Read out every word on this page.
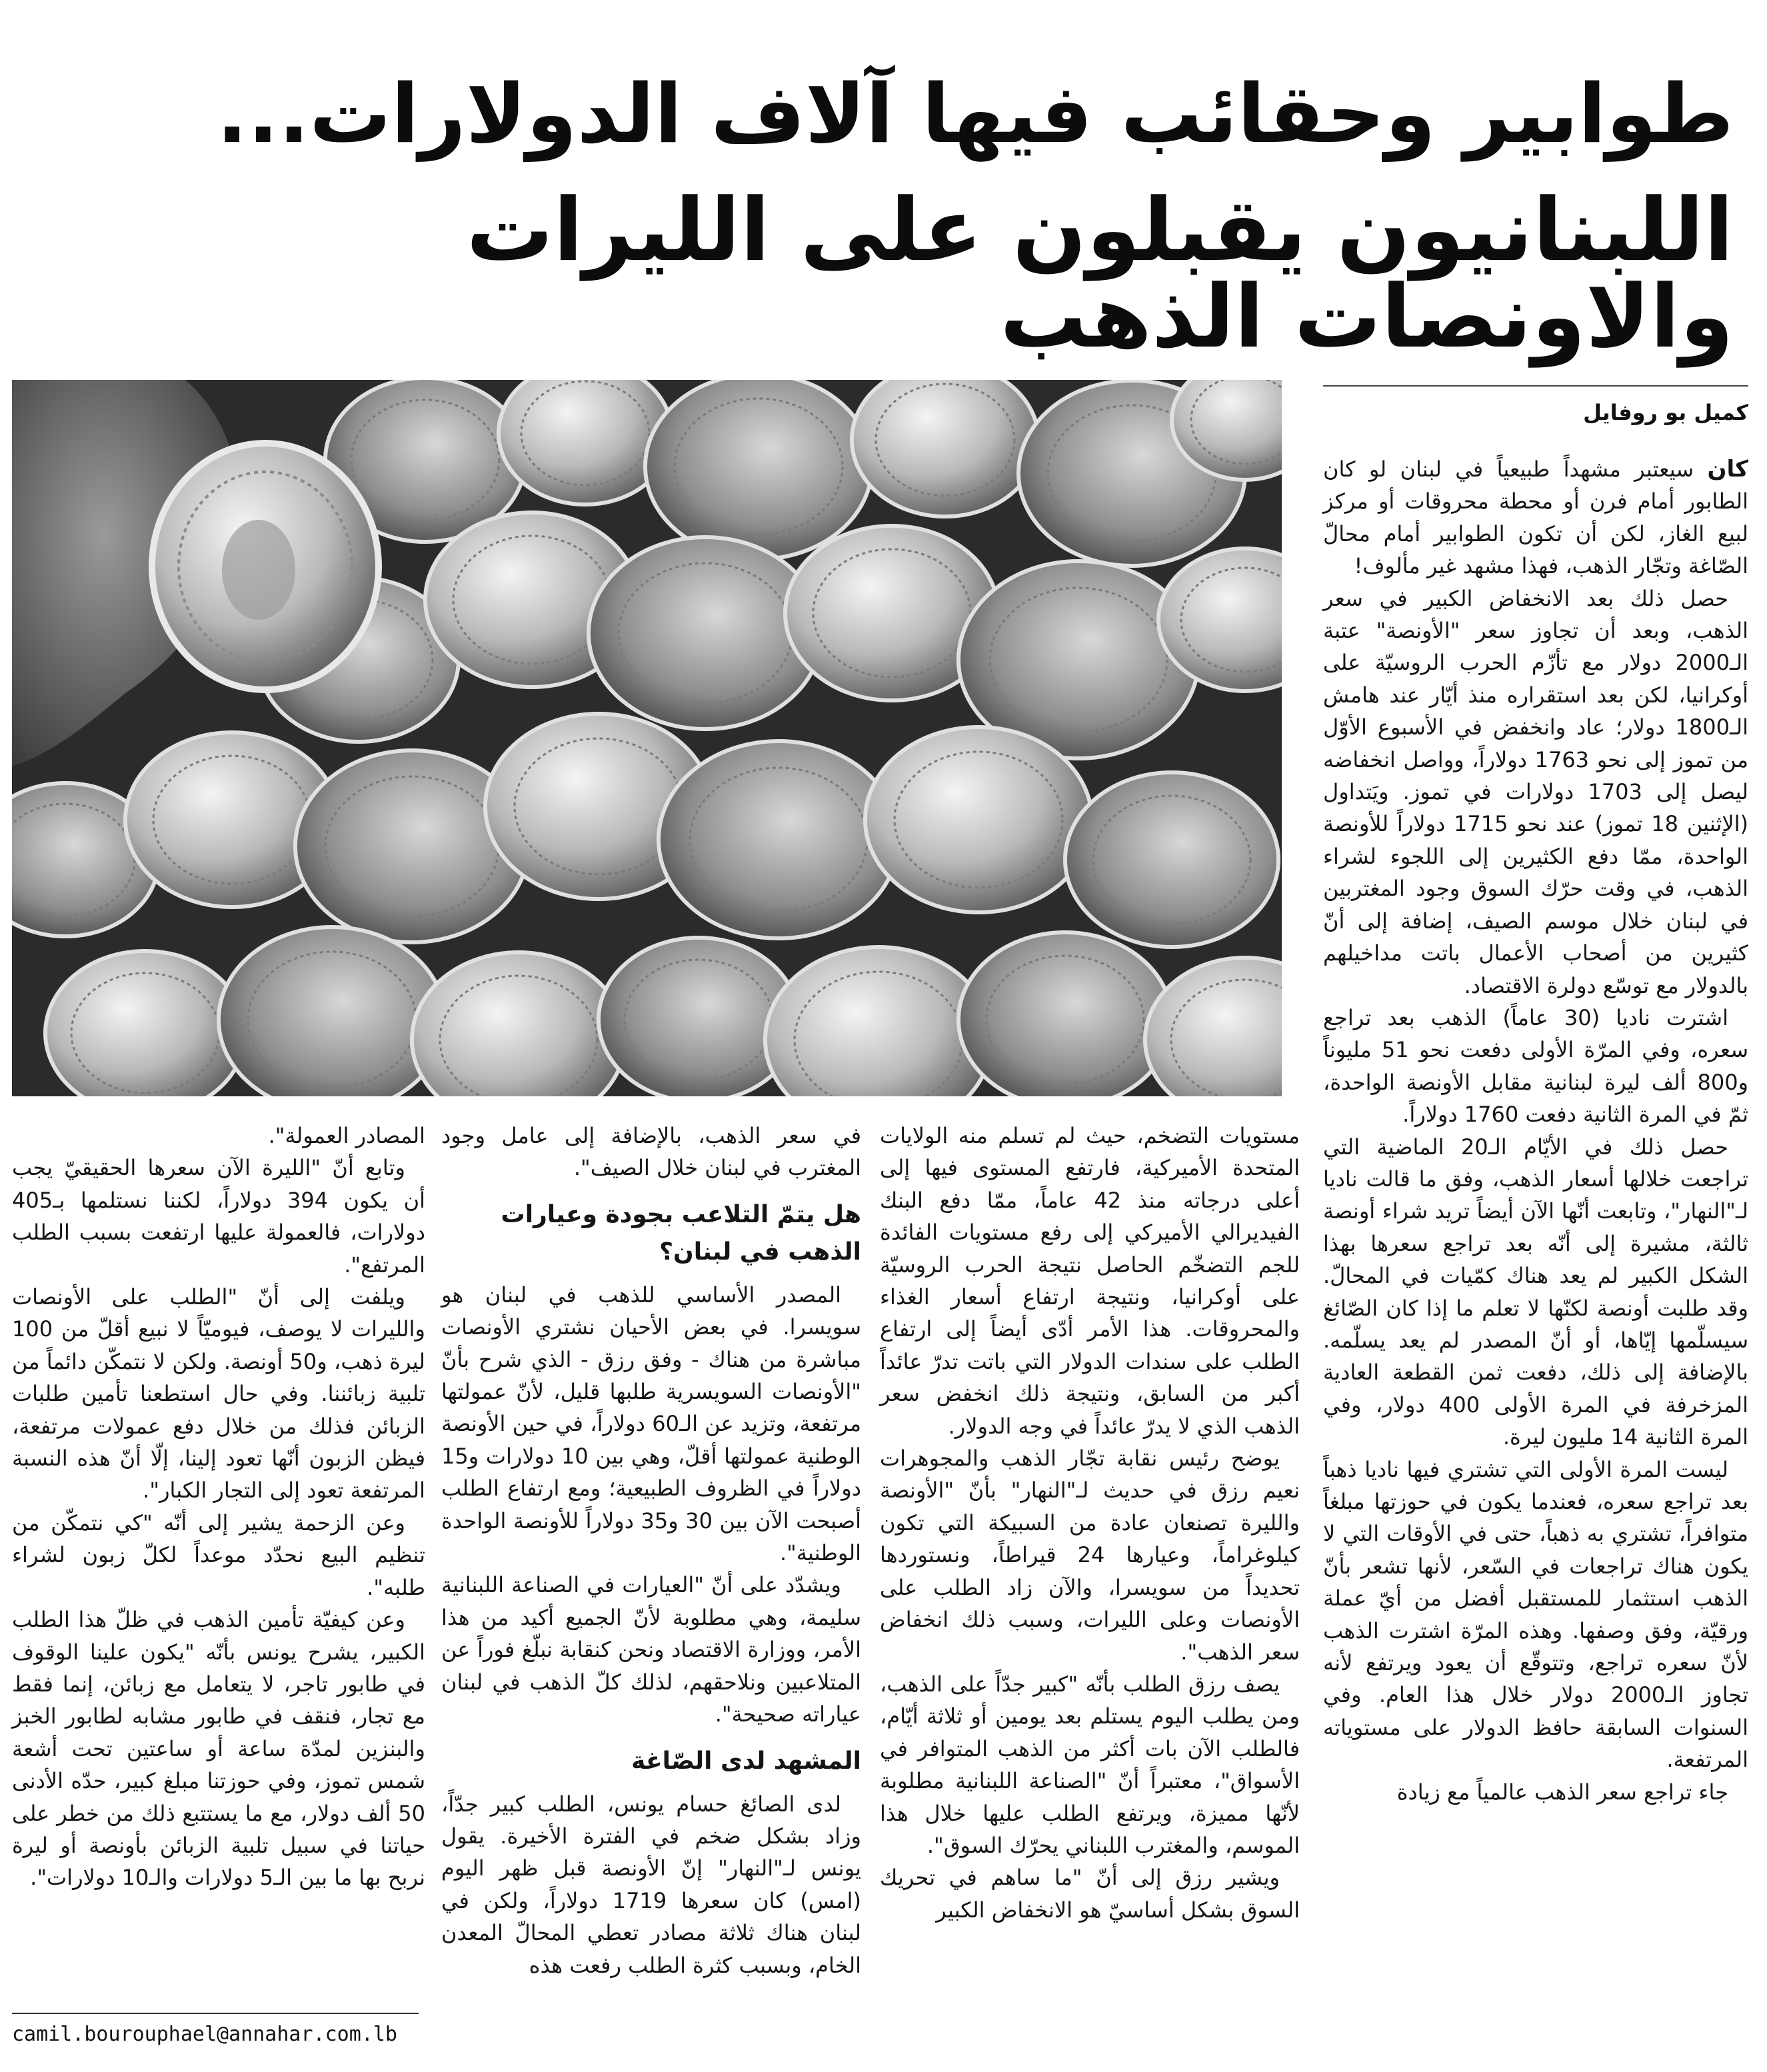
طوابير وحقائب فيها آلاف الدولارات...
اللبنانيون يقبلون على الليرات والاونصات الذهب
كميل بو روفايل

كان سيعتبر مشهداً طبيعياً في لبنان لو كان الطابور أمام فرن أو محطة محروقات أو مركز لبيع الغاز، لكن أن تكون الطوابير أمام محالّ الصّاغة وتجّار الذهب، فهذا مشهد غير مألوف!

حصل ذلك بعد الانخفاض الكبير في سعر الذهب، وبعد أن تجاوز سعر "الأونصة" عتبة الـ2000 دولار مع تأزّم الحرب الروسيّة على أوكرانيا، لكن بعد استقراره منذ أيّار عند هامش الـ1800 دولار؛ عاد وانخفض في الأسبوع الأوّل من تموز إلى نحو 1763 دولاراً، وواصل انخفاضه ليصل إلى 1703 دولارات في تموز. ويَتداول (الإثنين 18 تموز) عند نحو 1715 دولاراً للأونصة الواحدة، ممّا دفع الكثيرين إلى اللجوء لشراء الذهب، في وقت حرّك السوق وجود المغتربين في لبنان خلال موسم الصيف، إضافة إلى أنّ كثيرين من أصحاب الأعمال باتت مداخيلهم بالدولار مع توسّع دولرة الاقتصاد.

اشترت ناديا (30 عاماً) الذهب بعد تراجع سعره، وفي المرّة الأولى دفعت نحو 51 مليوناً و800 ألف ليرة لبنانية مقابل الأونصة الواحدة، ثمّ في المرة الثانية دفعت 1760 دولاراً.

حصل ذلك في الأيّام الـ20 الماضية التي تراجعت خلالها أسعار الذهب، وفق ما قالت ناديا لـ"النهار"، وتابعت أنّها الآن أيضاً تريد شراء أونصة ثالثة، مشيرة إلى أنّه بعد تراجع سعرها بهذا الشكل الكبير لم يعد هناك كمّيات في المحالّ. وقد طلبت أونصة لكنّها لا تعلم ما إذا كان الصّائغ سيسلّمها إيّاها، أو أنّ المصدر لم يعد يسلّمه. بالإضافة إلى ذلك، دفعت ثمن القطعة العادية المزخرفة في المرة الأولى 400 دولار، وفي المرة الثانية 14 مليون ليرة.

ليست المرة الأولى التي تشتري فيها ناديا ذهباً بعد تراجع سعره، فعندما يكون في حوزتها مبلغاً متوافراً، تشتري به ذهباً، حتى في الأوقات التي لا يكون هناك تراجعات في السّعر، لأنها تشعر بأنّ الذهب استثمار للمستقبل أفضل من أيّ عملة ورقيّة، وفق وصفها. وهذه المرّة اشترت الذهب لأنّ سعره تراجع، وتتوقّع أن يعود ويرتفع لأنه تجاوز الـ2000 دولار خلال هذا العام. وفي السنوات السابقة حافظ الدولار على مستوياته المرتفعة.

جاء تراجع سعر الذهب عالمياً مع زيادة

مستويات التضخم، حيث لم تسلم منه الولايات المتحدة الأميركية، فارتفع المستوى فيها إلى أعلى درجاته منذ 42 عاماً، ممّا دفع البنك الفيديرالي الأميركي إلى رفع مستويات الفائدة للجم التضخّم الحاصل نتيجة الحرب الروسيّة على أوكرانيا، ونتيجة ارتفاع أسعار الغذاء والمحروقات. هذا الأمر أدّى أيضاً إلى ارتفاع الطلب على سندات الدولار التي باتت تدرّ عائداً أكبر من السابق، ونتيجة ذلك انخفض سعر الذهب الذي لا يدرّ عائداً في وجه الدولار.

يوضح رئيس نقابة تجّار الذهب والمجوهرات نعيم رزق في حديث لـ"النهار" بأنّ "الأونصة والليرة تصنعان عادة من السبيكة التي تكون كيلوغراماً، وعيارها 24 قيراطاً، ونستوردها تحديداً من سويسرا، والآن زاد الطلب على الأونصات وعلى الليرات، وسبب ذلك انخفاض سعر الذهب".

يصف رزق الطلب بأنّه "كبير جدّاً على الذهب، ومن يطلب اليوم يستلم بعد يومين أو ثلاثة أيّام، فالطلب الآن بات أكثر من الذهب المتوافر في الأسواق"، معتبراً أنّ "الصناعة اللبنانية مطلوبة لأنّها مميزة، ويرتفع الطلب عليها خلال هذا الموسم، والمغترب اللبناني يحرّك السوق".

ويشير رزق إلى أنّ "ما ساهم في تحريك السوق بشكل أساسيّ هو الانخفاض الكبير

في سعر الذهب، بالإضافة إلى عامل وجود المغترب في لبنان خلال الصيف".

هل يتمّ التلاعب بجودة وعيارات الذهب في لبنان؟

المصدر الأساسي للذهب في لبنان هو سويسرا. في بعض الأحيان نشتري الأونصات مباشرة من هناك - وفق رزق - الذي شرح بأنّ "الأونصات السويسرية طلبها قليل، لأنّ عمولتها مرتفعة، وتزيد عن الـ60 دولاراً، في حين الأونصة الوطنية عمولتها أقلّ، وهي بين 10 دولارات و15 دولاراً في الظروف الطبيعية؛ ومع ارتفاع الطلب أصبحت الآن بين 30 و35 دولاراً للأونصة الواحدة الوطنية".

ويشدّد على أنّ "العيارات في الصناعة اللبنانية سليمة، وهي مطلوبة لأنّ الجميع أكيد من هذا الأمر، ووزارة الاقتصاد ونحن كنقابة نبلّغ فوراً عن المتلاعبين ونلاحقهم، لذلك كلّ الذهب في لبنان عياراته صحيحة".

المشهد لدى الصّاغة

لدى الصائغ حسام يونس، الطلب كبير جدّاً، وزاد بشكل ضخم في الفترة الأخيرة. يقول يونس لـ"النهار" إنّ الأونصة قبل ظهر اليوم (امس) كان سعرها 1719 دولاراً، ولكن في لبنان هناك ثلاثة مصادر تعطي المحالّ المعدن الخام، وبسبب كثرة الطلب رفعت هذه

المصادر العمولة".

وتابع أنّ "الليرة الآن سعرها الحقيقيّ يجب أن يكون 394 دولاراً، لكننا نستلمها بـ405 دولارات، فالعمولة عليها ارتفعت بسبب الطلب المرتفع".

ويلفت إلى أنّ "الطلب على الأونصات والليرات لا يوصف، فيوميّاً لا نبيع أقلّ من 100 ليرة ذهب، و50 أونصة. ولكن لا نتمكّن دائماً من تلبية زبائننا. وفي حال استطعنا تأمين طلبات الزبائن فذلك من خلال دفع عمولات مرتفعة، فيظن الزبون أنّها تعود إلينا، إلّا أنّ هذه النسبة المرتفعة تعود إلى التجار الكبار".

وعن الزحمة يشير إلى أنّه "كي نتمكّن من تنظيم البيع نحدّد موعداً لكلّ زبون لشراء طلبه".

وعن كيفيّة تأمين الذهب في ظلّ هذا الطلب الكبير، يشرح يونس بأنّه "يكون علينا الوقوف في طابور تاجر، لا يتعامل مع زبائن، إنما فقط مع تجار، فنقف في طابور مشابه لطابور الخبز والبنزين لمدّة ساعة أو ساعتين تحت أشعة شمس تموز، وفي حوزتنا مبلغ كبير، حدّه الأدنى 50 ألف دولار، مع ما يستتبع ذلك من خطر على حياتنا في سبيل تلبية الزبائن بأونصة أو ليرة نربح بها ما بين الـ5 دولارات والـ10 دولارات".

camil.bourouphael@annahar.com.lb
